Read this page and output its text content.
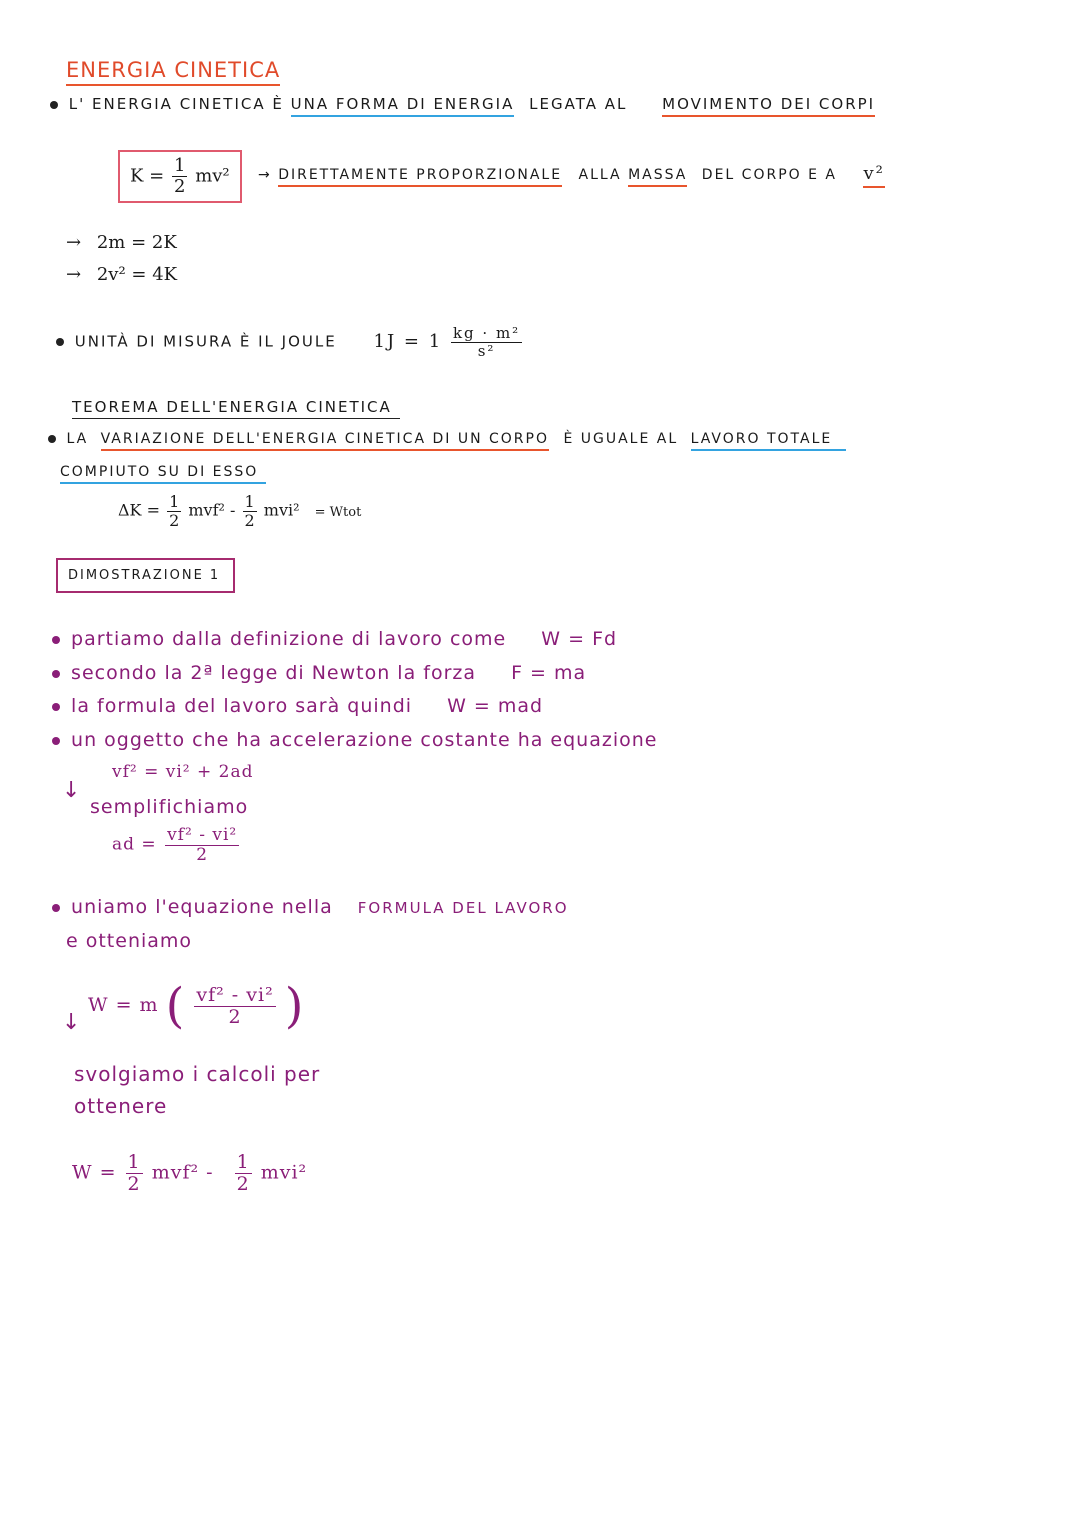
ENERGIA CINETICA
L' ENERGIA CINETICA È UNA FORMA DI ENERGIA LEGATA AL MOVIMENTO DEI CORPI
$K = \frac{1}{2} mv^2$	→ DIRETTAMENTE PROPORZIONALE ALLA MASSA DEL CORPO E A v²
→ 2m = 2K
→ 2v² = 4K
UNITÀ DI MISURA È IL JOULE $1J = 1 \frac{\text{kg · m²}}{\text{s²}}$
TEOREMA DELL'ENERGIA CINETICA
LA VARIAZIONE DELL'ENERGIA CINETICA DI UN CORPO È UGUALE AL LAVORO TOTALE
COMPIUTO SU DI ESSO
$\Delta K = \frac{1}{2} mvf^2 - \frac{1}{2} mvi^2$ = Wtot
DIMOSTRAZIONE 1
partiamo dalla definizione di lavoro come W = Fd
secondo la 2ª legge di Newton la forza F = ma
la formula del lavoro sarà quindi W = mad
un oggetto che ha accelerazione costante ha equazione
vf² = vi² + 2ad
↓
semplifichiamo
ad = $\frac{\text{vf² - vi²}}{2}$
uniamo l'equazione nella FORMULA DEL LAVORO
e otteniamo
↓
W = m ( $\frac{\text{vf² - vi²}}{2}$ )
svolgiamo i calcoli per
ottenere
$W = \frac{1}{2} mvf^2 - \frac{1}{2} mvi^2$
